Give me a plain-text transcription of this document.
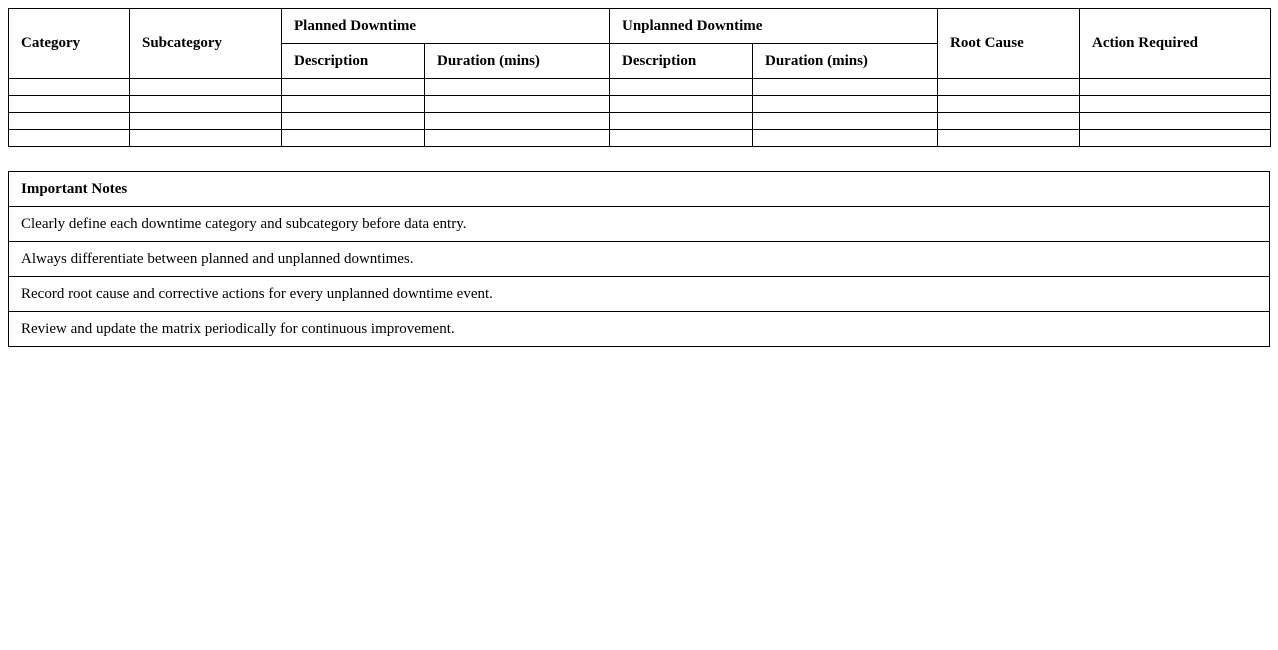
Category	Subcategory	Planned Downtime		Unplanned Downtime		Root Cause	Action Required
		Description	Duration (mins)	Description	Duration (mins)		

Important Notes
Clearly define each downtime category and subcategory before data entry.
Always differentiate between planned and unplanned downtimes.
Record root cause and corrective actions for every unplanned downtime event.
Review and update the matrix periodically for continuous improvement.
